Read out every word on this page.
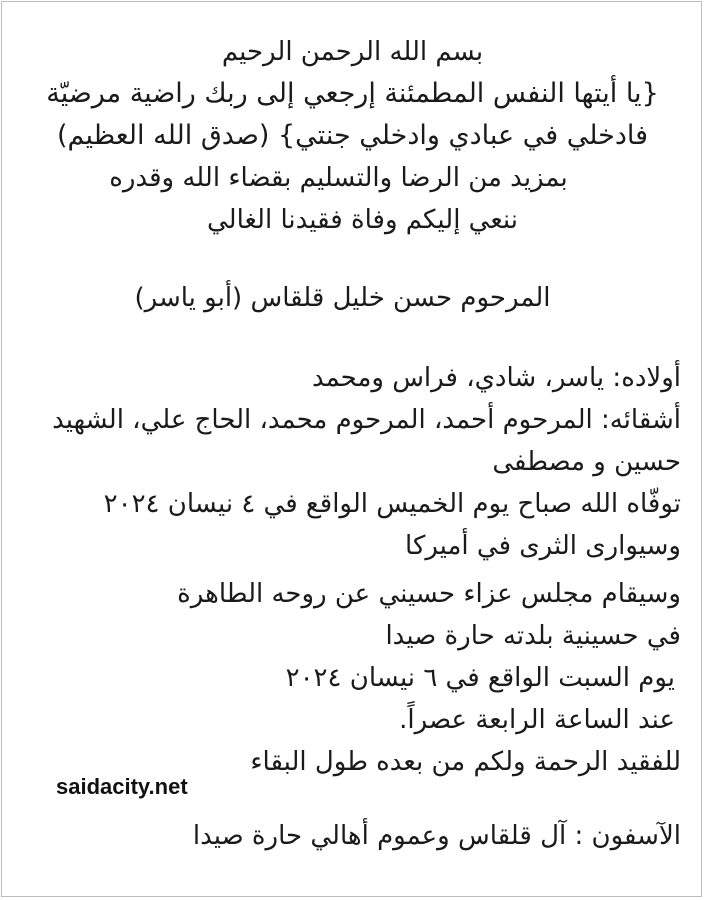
بسم الله الرحمن الرحيم
{يا أيتها النفس المطمئنة إرجعي إلى ربك راضية مرضيّة
فادخلي في عبادي وادخلي جنتي} (صدق الله العظيم)
بمزيد من الرضا والتسليم بقضاء الله وقدره
ننعي إليكم وفاة فقيدنا الغالي
المرحوم حسن خليل قلقاس (أبو ياسر)
أولاده: ياسر، شادي، فراس ومحمد
أشقائه: المرحوم أحمد، المرحوم محمد، الحاج علي، الشهيد
حسين و مصطفى
توفّاه الله صباح يوم الخميس الواقع في ٤ نيسان ٢٠٢٤
وسيوارى الثرى في أميركا
وسيقام مجلس عزاء حسيني عن روحه الطاهرة
في حسينية بلدته حارة صيدا
يوم السبت الواقع في ٦ نيسان ٢٠٢٤
عند الساعة الرابعة عصراً.
للفقيد الرحمة ولكم من بعده طول البقاء
saidacity.net
الآسفون : آل قلقاس وعموم أهالي حارة صيدا
